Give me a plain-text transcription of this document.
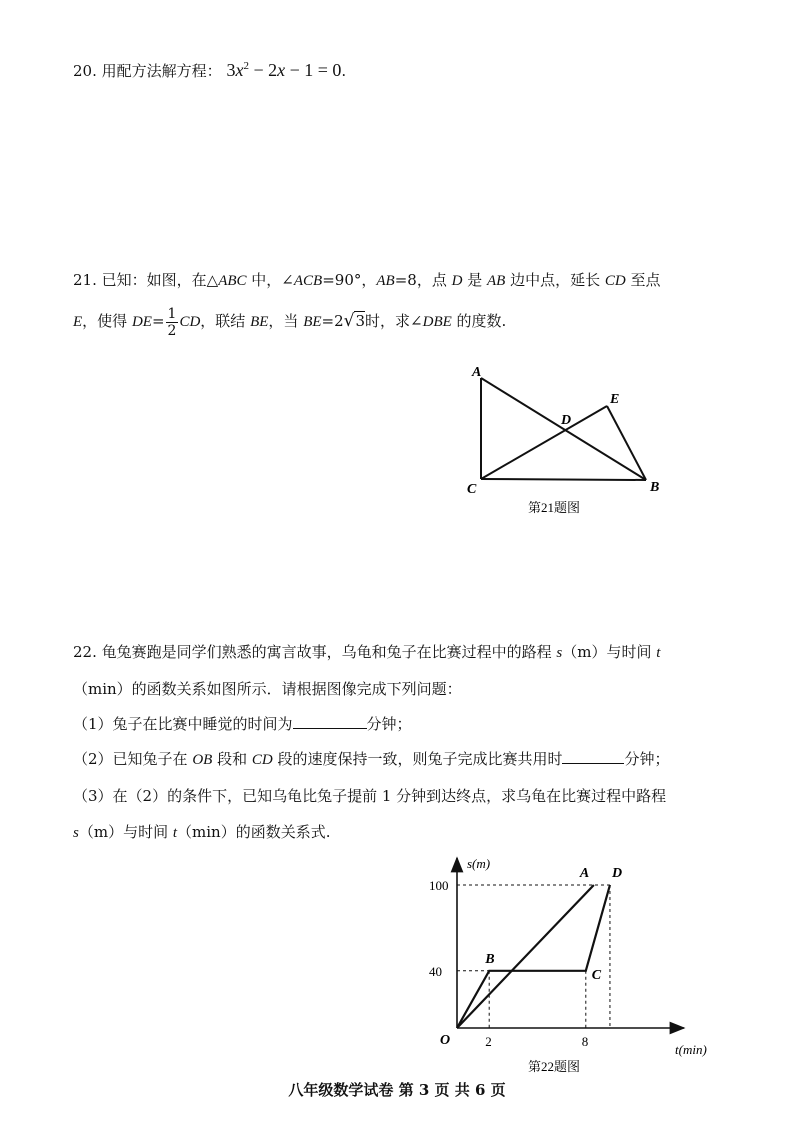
20. 用配方法解方程： $3x^2 - 2x - 1 = 0$.
21. 已知：如图，在△ABC 中，∠ACB=90°，AB=8，点 D 是 AB 边中点，延长 CD 至点
E，使得 $DE= \frac{1}{2}$ CD，联结 BE，当 BE=2√3时，求∠DBE 的度数.
A
C	B
D
E
第21题图
22. 龟兔赛跑是同学们熟悉的寓言故事，乌龟和兔子在比赛过程中的路程 s（m）与时间 t
（min）的函数关系如图所示．请根据图像完成下列问题：
（1）兔子在比赛中睡觉的时间为	分钟；
（2）已知兔子在 OB 段和 CD 段的速度保持一致，则兔子完成比赛共用时	分钟；
（3）在（2）的条件下，已知乌龟比兔子提前 1 分钟到达终点，求乌龟在比赛过程中路程
s（m）与时间 t（min）的函数关系式.
2	8
40
100
B
C
D
A
s(m)
t(min)
O
第22题图
八年级数学试卷 第 3 页 共 6 页
